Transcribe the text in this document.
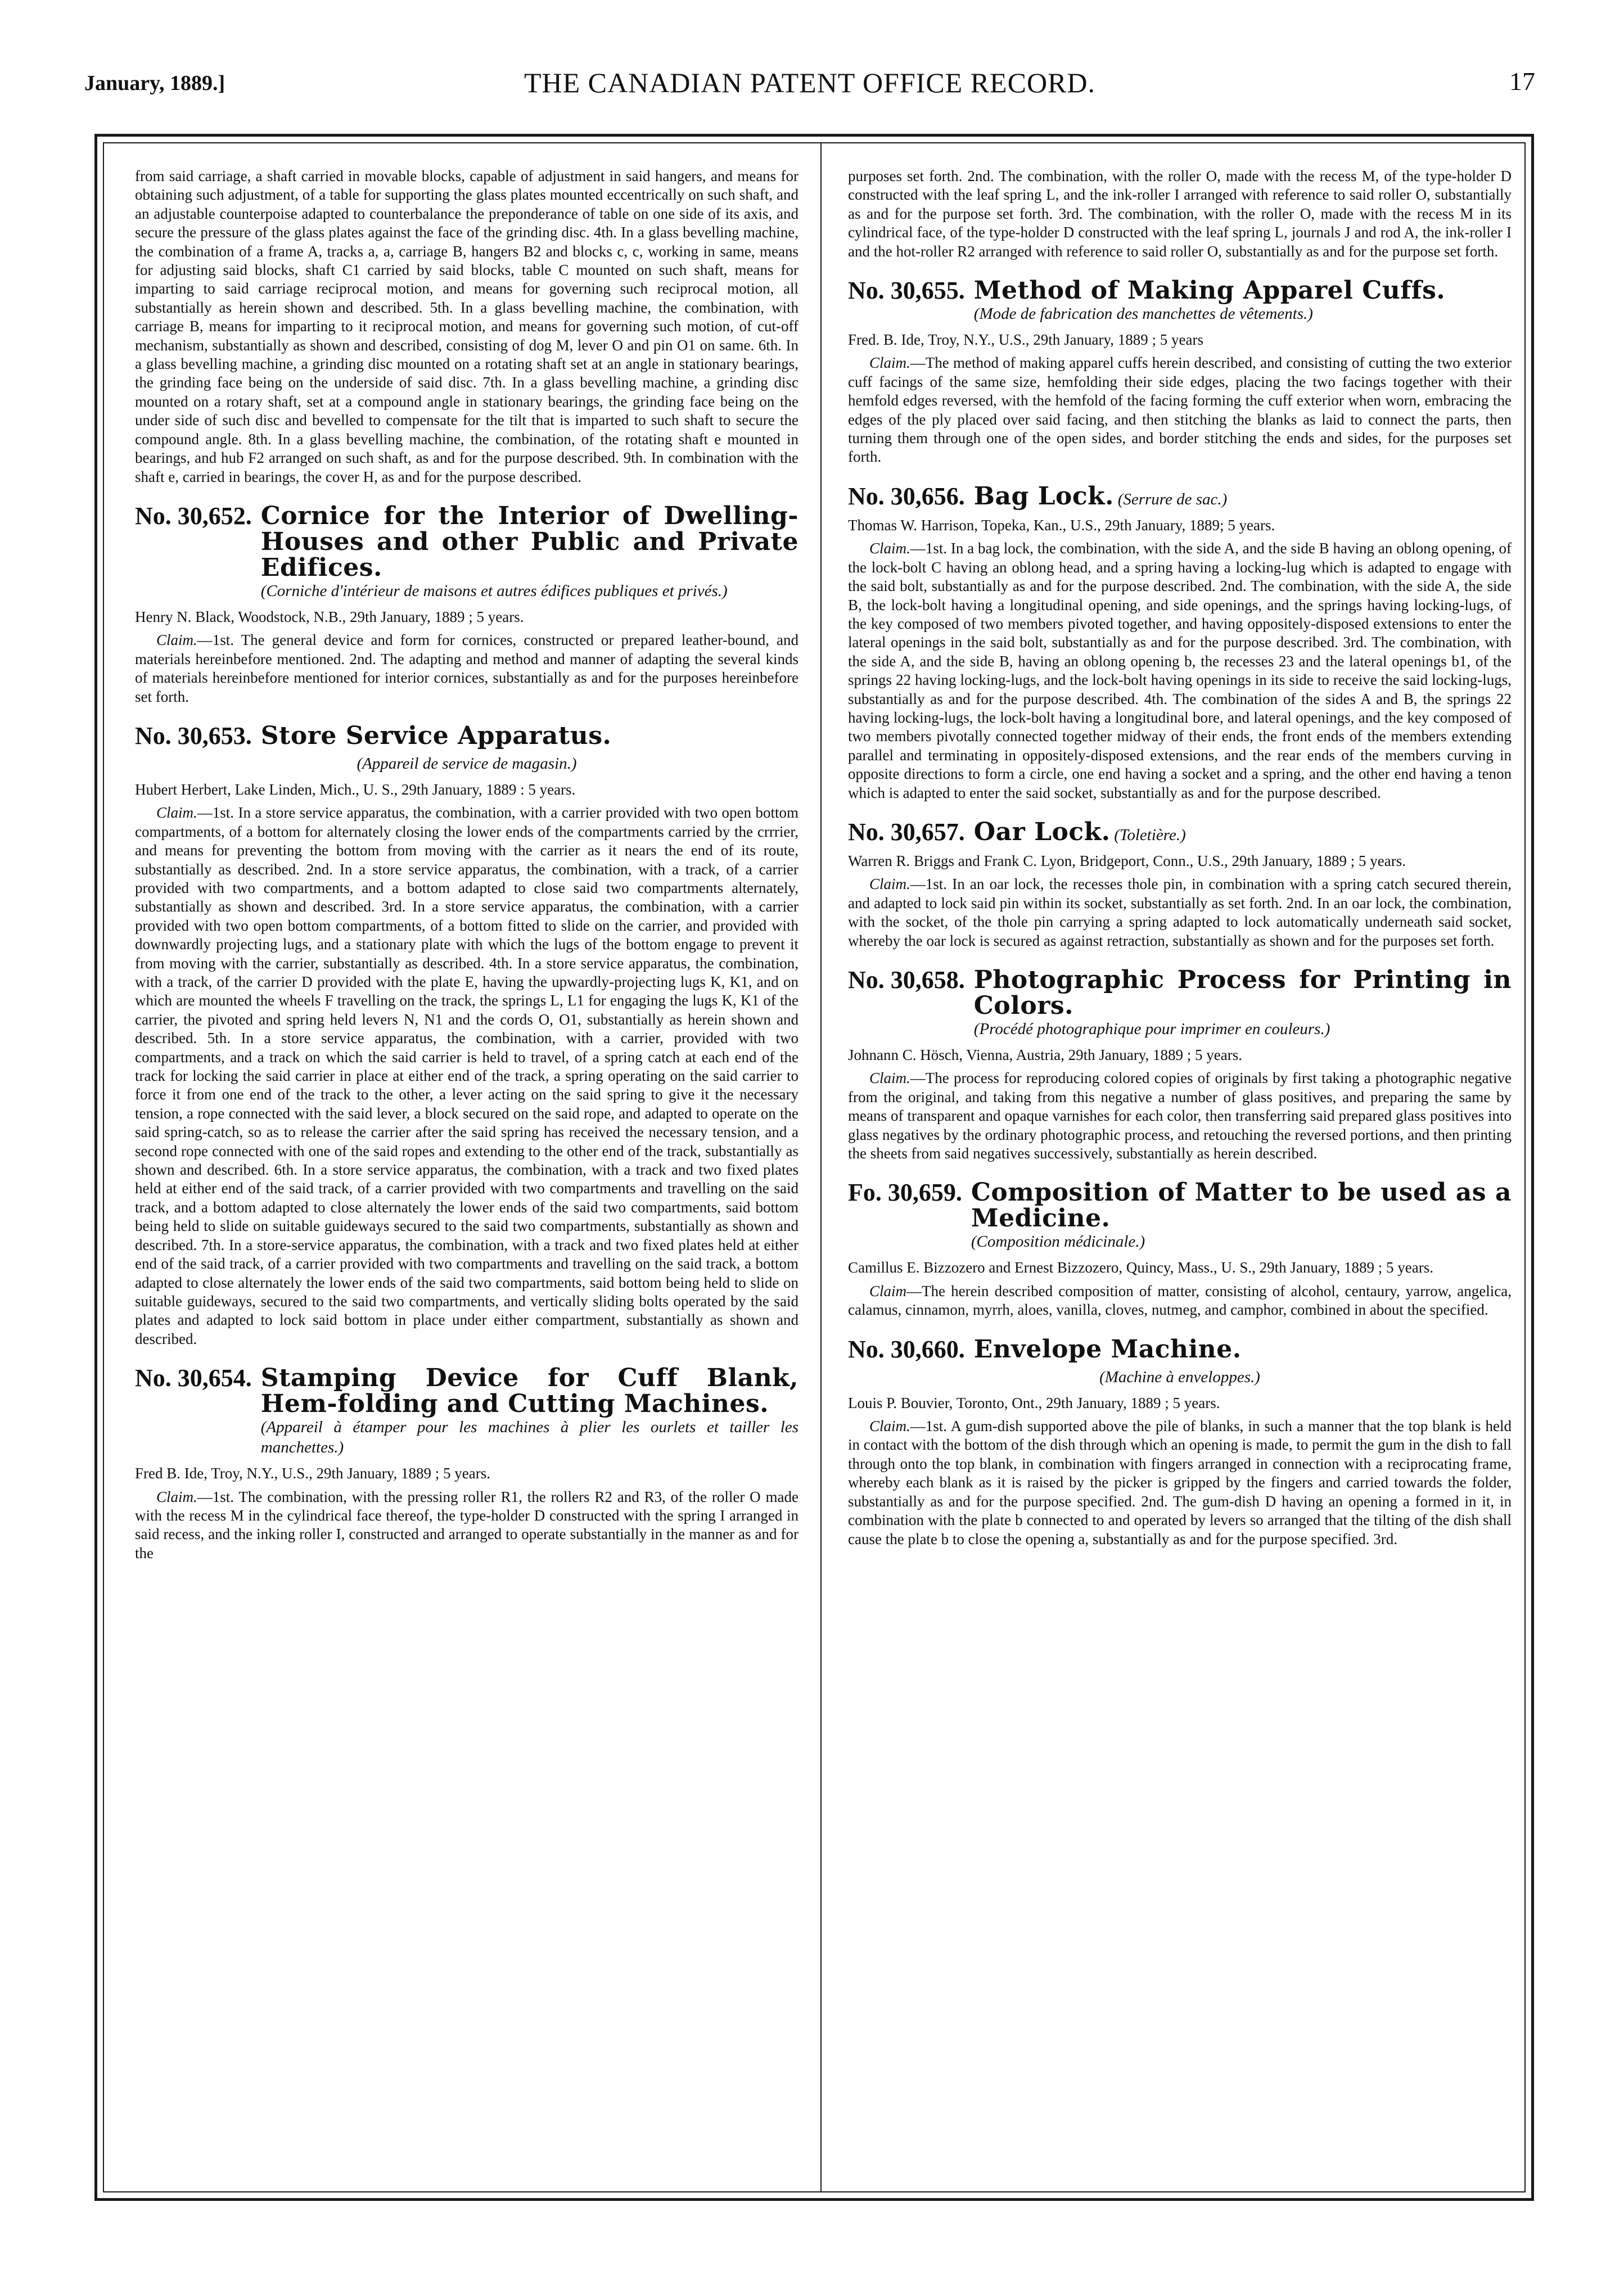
January, 1889.]	THE CANADIAN PATENT OFFICE RECORD.	17

from said carriage, a shaft carried in movable blocks, capable of adjustment in said hangers, and means for obtaining such adjustment, of a table for supporting the glass plates mounted eccentrically on such shaft, and an adjustable counterpoise adapted to counterbalance the preponderance of table on one side of its axis, and secure the pressure of the glass plates against the face of the grinding disc. 4th. In a glass bevelling machine, the combination of a frame A, tracks a, a, carriage B, hangers B2 and blocks c, c, working in same, means for adjusting said blocks, shaft C1 carried by said blocks, table C mounted on such shaft, means for imparting to said carriage reciprocal motion, and means for governing such reciprocal motion, all substantially as herein shown and described. 5th. In a glass bevelling machine, the combination, with carriage B, means for imparting to it reciprocal motion, and means for governing such motion, of cut-off mechanism, substantially as shown and described, consisting of dog M, lever O and pin O1 on same. 6th. In a glass bevelling machine, a grinding disc mounted on a rotating shaft set at an angle in stationary bearings, the grinding face being on the underside of said disc. 7th. In a glass bevelling machine, a grinding disc mounted on a rotary shaft, set at a compound angle in stationary bearings, the grinding face being on the under side of such disc and bevelled to compensate for the tilt that is imparted to such shaft to secure the compound angle. 8th. In a glass bevelling machine, the combination, of the rotating shaft e mounted in bearings, and hub F2 arranged on such shaft, as and for the purpose described. 9th. In combination with the shaft e, carried in bearings, the cover H, as and for the purpose described.

No. 30,652. Cornice for the Interior of Dwelling-Houses and other Public and Private Edifices.
(Corniche d'intérieur de maisons et autres édifices publiques et privés.)

Henry N. Black, Woodstock, N.B., 29th January, 1889 ; 5 years.

Claim.—1st. The general device and form for cornices, constructed or prepared leather-bound, and materials hereinbefore mentioned. 2nd. The adapting and method and manner of adapting the several kinds of materials hereinbefore mentioned for interior cornices, substantially as and for the purposes hereinbefore set forth.

No. 30,653. Store Service Apparatus.
(Appareil de service de magasin.)

Hubert Herbert, Lake Linden, Mich., U. S., 29th January, 1889 : 5 years.

Claim.—1st. In a store service apparatus, the combination, with a carrier provided with two open bottom compartments, of a bottom for alternately closing the lower ends of the compartments carried by the crrrier, and means for preventing the bottom from moving with the carrier as it nears the end of its route, substantially as described. 2nd. In a store service apparatus, the combination, with a track, of a carrier provided with two compartments, and a bottom adapted to close said two compartments alternately, substantially as shown and described. 3rd. In a store service apparatus, the combination, with a carrier provided with two open bottom compartments, of a bottom fitted to slide on the carrier, and provided with downwardly projecting lugs, and a stationary plate with which the lugs of the bottom engage to prevent it from moving with the carrier, substantially as described. 4th. In a store service apparatus, the combination, with a track, of the carrier D provided with the plate E, having the upwardly-projecting lugs K, K1, and on which are mounted the wheels F travelling on the track, the springs L, L1 for engaging the lugs K, K1 of the carrier, the pivoted and spring held levers N, N1 and the cords O, O1, substantially as herein shown and described. 5th. In a store service apparatus, the combination, with a carrier, provided with two compartments, and a track on which the said carrier is held to travel, of a spring catch at each end of the track for locking the said carrier in place at either end of the track, a spring operating on the said carrier to force it from one end of the track to the other, a lever acting on the said spring to give it the necessary tension, a rope connected with the said lever, a block secured on the said rope, and adapted to operate on the said spring-catch, so as to release the carrier after the said spring has received the necessary tension, and a second rope connected with one of the said ropes and extending to the other end of the track, substantially as shown and described. 6th. In a store service apparatus, the combination, with a track and two fixed plates held at either end of the said track, of a carrier provided with two compartments and travelling on the said track, and a bottom adapted to close alternately the lower ends of the said two compartments, said bottom being held to slide on suitable guideways secured to the said two compartments, substantially as shown and described. 7th. In a store-service apparatus, the combination, with a track and two fixed plates held at either end of the said track, of a carrier provided with two compartments and travelling on the said track, a bottom adapted to close alternately the lower ends of the said two compartments, said bottom being held to slide on suitable guideways, secured to the said two compartments, and vertically sliding bolts operated by the said plates and adapted to lock said bottom in place under either compartment, substantially as shown and described.

No. 30,654. Stamping Device for Cuff Blank, Hem-folding and Cutting Machines.
(Appareil à étamper pour les machines à plier les ourlets et tailler les manchettes.)

Fred B. Ide, Troy, N.Y., U.S., 29th January, 1889 ; 5 years.

Claim.—1st. The combination, with the pressing roller R1, the rollers R2 and R3, of the roller O made with the recess M in the cylindrical face thereof, the type-holder D constructed with the spring I arranged in said recess, and the inking roller I, constructed and arranged to operate substantially in the manner as and for the

purposes set forth. 2nd. The combination, with the roller O, made with the recess M, of the type-holder D constructed with the leaf spring L, and the ink-roller I arranged with reference to said roller O, substantially as and for the purpose set forth. 3rd. The combination, with the roller O, made with the recess M in its cylindrical face, of the type-holder D constructed with the leaf spring L, journals J and rod A, the ink-roller I and the hot-roller R2 arranged with reference to said roller O, substantially as and for the purpose set forth.

No. 30,655. Method of Making Apparel Cuffs.
(Mode de fabrication des manchettes de vêtements.)

Fred. B. Ide, Troy, N.Y., U.S., 29th January, 1889 ; 5 years

Claim.—The method of making apparel cuffs herein described, and consisting of cutting the two exterior cuff facings of the same size, hemfolding their side edges, placing the two facings together with their hemfold edges reversed, with the hemfold of the facing forming the cuff exterior when worn, embracing the edges of the ply placed over said facing, and then stitching the blanks as laid to connect the parts, then turning them through one of the open sides, and border stitching the ends and sides, for the purposes set forth.

No. 30,656. Bag Lock. (Serrure de sac.)

Thomas W. Harrison, Topeka, Kan., U.S., 29th January, 1889; 5 years.

Claim.—1st. In a bag lock, the combination, with the side A, and the side B having an oblong opening, of the lock-bolt C having an oblong head, and a spring having a locking-lug which is adapted to engage with the said bolt, substantially as and for the purpose described. 2nd. The combination, with the side A, the side B, the lock-bolt having a longitudinal opening, and side openings, and the springs having locking-lugs, of the key composed of two members pivoted together, and having oppositely-disposed extensions to enter the lateral openings in the said bolt, substantially as and for the purpose described. 3rd. The combination, with the side A, and the side B, having an oblong opening b, the recesses 23 and the lateral openings b1, of the springs 22 having locking-lugs, and the lock-bolt having openings in its side to receive the said locking-lugs, substantially as and for the purpose described. 4th. The combination of the sides A and B, the springs 22 having locking-lugs, the lock-bolt having a longitudinal bore, and lateral openings, and the key composed of two members pivotally connected together midway of their ends, the front ends of the members extending parallel and terminating in oppositely-disposed extensions, and the rear ends of the members curving in opposite directions to form a circle, one end having a socket and a spring, and the other end having a tenon which is adapted to enter the said socket, substantially as and for the purpose described.

No. 30,657. Oar Lock. (Toletière.)

Warren R. Briggs and Frank C. Lyon, Bridgeport, Conn., U.S., 29th January, 1889 ; 5 years.

Claim.—1st. In an oar lock, the recesses thole pin, in combination with a spring catch secured therein, and adapted to lock said pin within its socket, substantially as set forth. 2nd. In an oar lock, the combination, with the socket, of the thole pin carrying a spring adapted to lock automatically underneath said socket, whereby the oar lock is secured as against retraction, substantially as shown and for the purposes set forth.

No. 30,658. Photographic Process for Printing in Colors.
(Procédé photographique pour imprimer en couleurs.)

Johnann C. Hösch, Vienna, Austria, 29th January, 1889 ; 5 years.

Claim.—The process for reproducing colored copies of originals by first taking a photographic negative from the original, and taking from this negative a number of glass positives, and preparing the same by means of transparent and opaque varnishes for each color, then transferring said prepared glass positives into glass negatives by the ordinary photographic process, and retouching the reversed portions, and then printing the sheets from said negatives successively, substantially as herein described.

Fo. 30,659. Composition of Matter to be used as a Medicine.
(Composition médicinale.)

Camillus E. Bizzozero and Ernest Bizzozero, Quincy, Mass., U. S., 29th January, 1889 ; 5 years.

Claim—The herein described composition of matter, consisting of alcohol, centaury, yarrow, angelica, calamus, cinnamon, myrrh, aloes, vanilla, cloves, nutmeg, and camphor, combined in about the specified.

No. 30,660. Envelope Machine.
(Machine à enveloppes.)

Louis P. Bouvier, Toronto, Ont., 29th January, 1889 ; 5 years.

Claim.—1st. A gum-dish supported above the pile of blanks, in such a manner that the top blank is held in contact with the bottom of the dish through which an opening is made, to permit the gum in the dish to fall through onto the top blank, in combination with fingers arranged in connection with a reciprocating frame, whereby each blank as it is raised by the picker is gripped by the fingers and carried towards the folder, substantially as and for the purpose specified. 2nd. The gum-dish D having an opening a formed in it, in combination with the plate b connected to and operated by levers so arranged that the tilting of the dish shall cause the plate b to close the opening a, substantially as and for the purpose specified. 3rd.
